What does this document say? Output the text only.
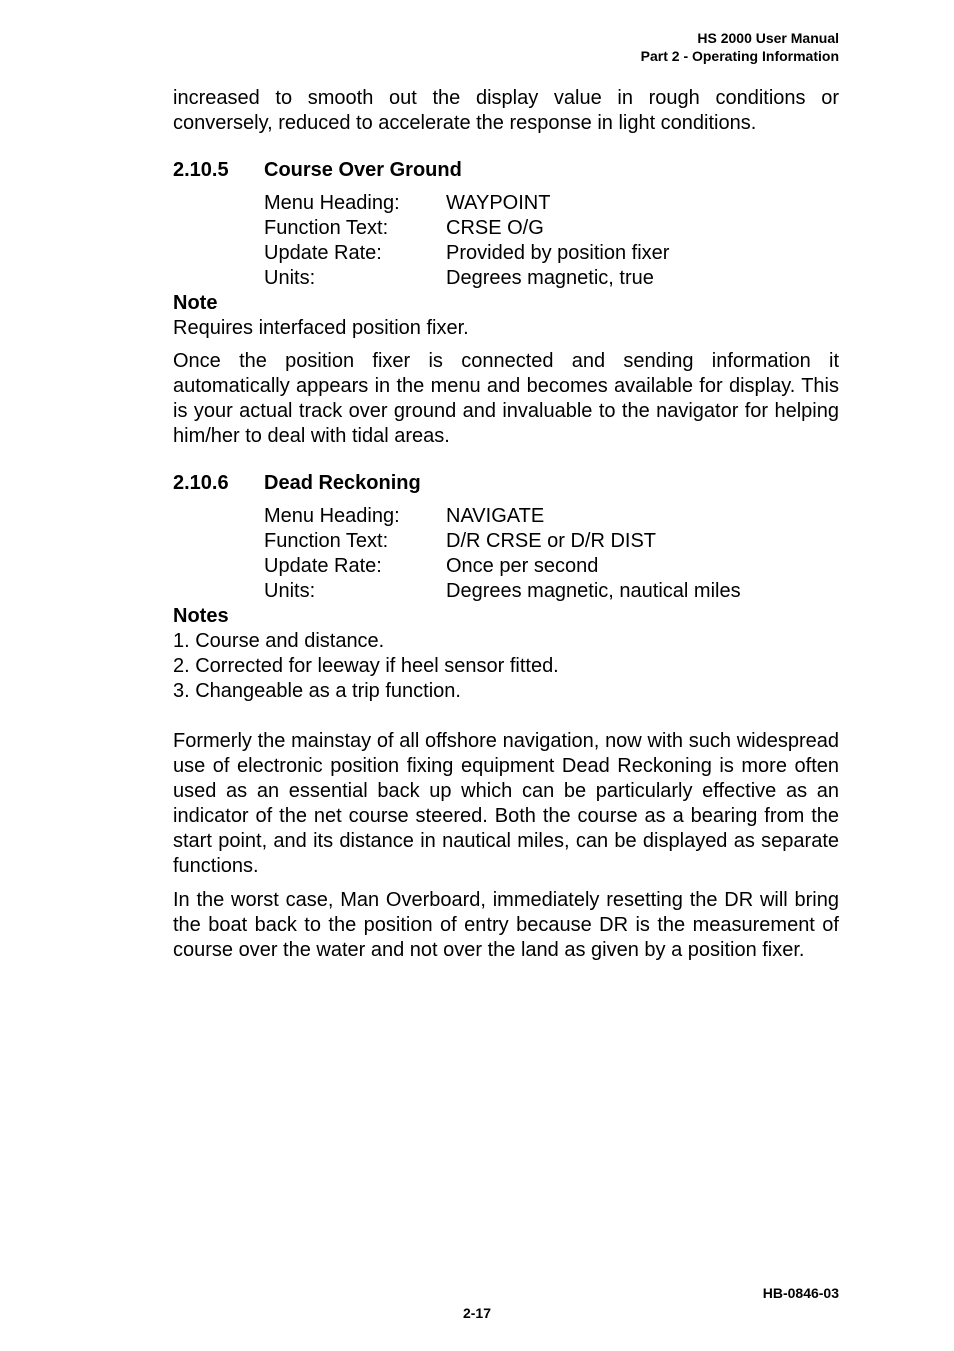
HS 2000 User Manual
Part 2 - Operating Information

increased to smooth out the display value in rough conditions or conversely, reduced to accelerate the response in light conditions.

2.10.5 Course Over Ground
Menu Heading:	WAYPOINT
Function Text:	CRSE O/G
Update Rate:	Provided by position fixer
Units:	Degrees magnetic, true
Note
Requires interfaced position fixer.

Once the position fixer is connected and sending information it automatically appears in the menu and becomes available for display. This is your actual track over ground and invaluable to the navigator for helping him/her to deal with tidal areas.

2.10.6 Dead Reckoning
Menu Heading:	NAVIGATE
Function Text:	D/R CRSE or D/R DIST
Update Rate:	Once per second
Units:	Degrees magnetic, nautical miles
Notes
1. Course and distance.
2. Corrected for leeway if heel sensor fitted.
3. Changeable as a trip function.

Formerly the mainstay of all offshore navigation, now with such widespread use of electronic position fixing equipment Dead Reckoning is more often used as an essential back up which can be particularly effective as an indicator of the net course steered. Both the course as a bearing from the start point, and its distance in nautical miles, can be displayed as separate functions.

In the worst case, Man Overboard, immediately resetting the DR will bring the boat back to the position of entry because DR is the measurement of course over the water and not over the land as given by a position fixer.

HB-0846-03
2-17
